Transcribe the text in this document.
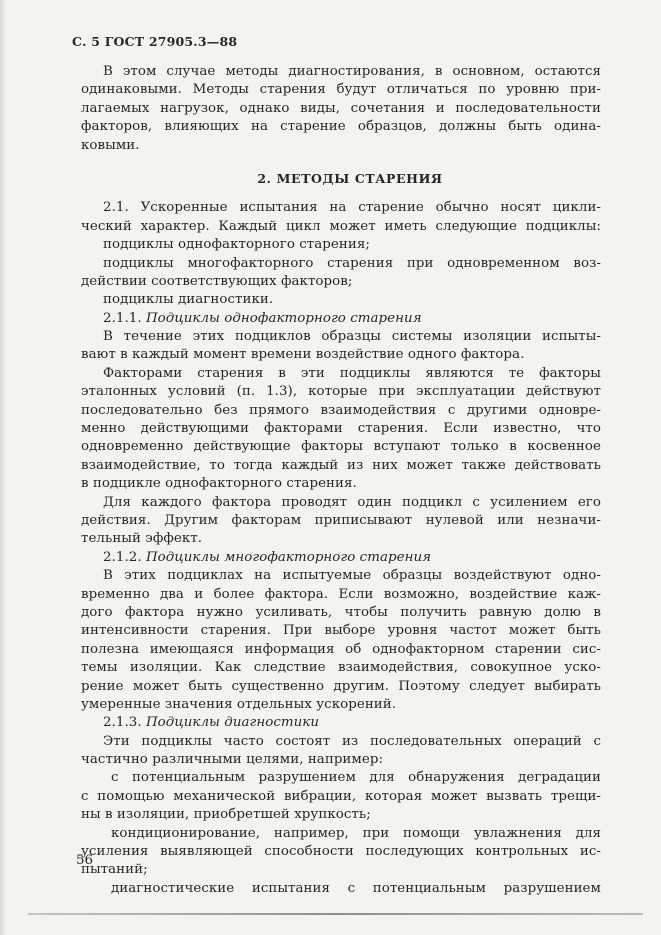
С. 5 ГОСТ 27905.3—88
В этом случае методы диагностирования, в основном, остаются
одинаковыми. Методы старения будут отличаться по уровню при-
лагаемых нагрузок, однако виды, сочетания и последовательности
факторов, влияющих на старение образцов, должны быть одина-
ковыми.
2. МЕТОДЫ СТАРЕНИЯ
2.1. Ускоренные испытания на старение обычно носят цикли-
ческий характер. Каждый цикл может иметь следующие подциклы:
подциклы однофакторного старения;
подциклы многофакторного старения при одновременном воз-
действии соответствующих факторов;
подциклы диагностики.
2.1.1. Подциклы однофакторного старения
В течение этих подциклов образцы системы изоляции испыты-
вают в каждый момент времени воздействие одного фактора.
Факторами старения в эти подциклы являются те факторы
эталонных условий (п. 1.3), которые при эксплуатации действуют
последовательно без прямого взаимодействия с другими одновре-
менно действующими факторами старения. Если известно, что
одновременно действующие факторы вступают только в косвенное
взаимодействие, то тогда каждый из них может также действовать
в подцикле однофакторного старения.
Для каждого фактора проводят один подцикл с усилением его
действия. Другим факторам приписывают нулевой или незначи-
тельный эффект.
2.1.2. Подциклы многофакторного старения
В этих подциклах на испытуемые образцы воздействуют одно-
временно два и более фактора. Если возможно, воздействие каж-
дого фактора нужно усиливать, чтобы получить равную долю в
интенсивности старения. При выборе уровня частот может быть
полезна имеющаяся информация об однофакторном старении сис-
темы изоляции. Как следствие взаимодействия, совокупное уско-
рение может быть существенно другим. Поэтому следует выбирать
умеренные значения отдельных ускорений.
2.1.3. Подциклы диагностики
Эти подциклы часто состоят из последовательных операций с
частично различными целями, например:
с потенциальным разрушением для обнаружения деградации
с помощью механической вибрации, которая может вызвать трещи-
ны в изоляции, приобретшей хрупкость;
кондиционирование, например, при помощи увлажнения для
усиления выявляющей способности последующих контрольных ис-
пытаний;
диагностические испытания с потенциальным разрушением
56
